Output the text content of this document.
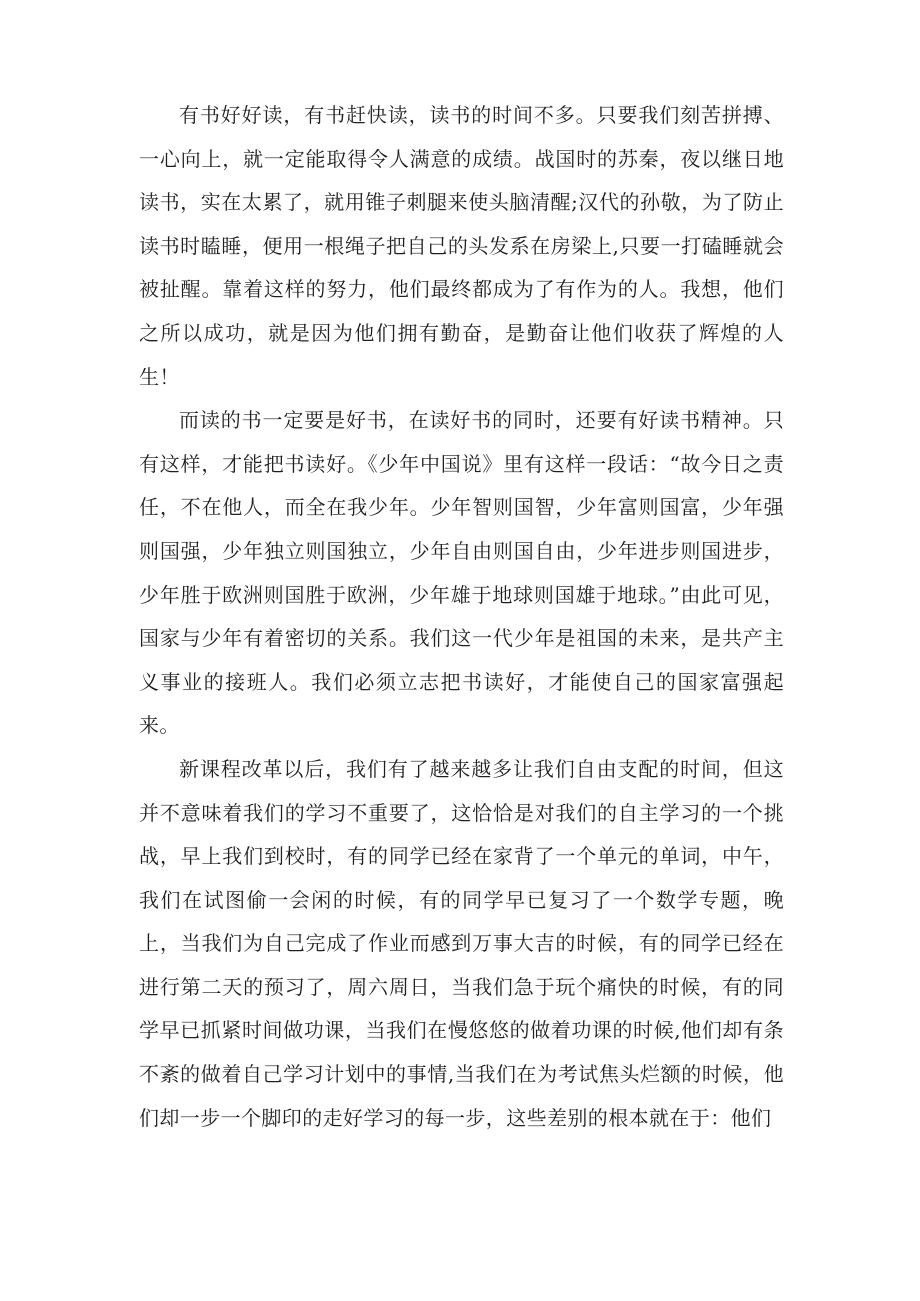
有书好好读，有书赶快读，读书的时间不多。只要我们刻苦拼搏、一心向上，就一定能取得令人满意的成绩。战国时的苏秦，夜以继日地读书，实在太累了，就用锥子刺腿来使头脑清醒;汉代的孙敬，为了防止读书时瞌睡，便用一根绳子把自己的头发系在房梁上,只要一打磕睡就会被扯醒。靠着这样的努力，他们最终都成为了有作为的人。我想，他们之所以成功，就是因为他们拥有勤奋，是勤奋让他们收获了辉煌的人生！

而读的书一定要是好书，在读好书的同时，还要有好读书精神。只有这样，才能把书读好。《少年中国说》里有这样一段话：“故今日之责任，不在他人，而全在我少年。少年智则国智，少年富则国富，少年强则国强，少年独立则国独立，少年自由则国自由，少年进步则国进步，少年胜于欧洲则国胜于欧洲，少年雄于地球则国雄于地球。”由此可见，国家与少年有着密切的关系。我们这一代少年是祖国的未来，是共产主义事业的接班人。我们必须立志把书读好，才能使自己的国家富强起来。

新课程改革以后，我们有了越来越多让我们自由支配的时间，但这并不意味着我们的学习不重要了，这恰恰是对我们的自主学习的一个挑战，早上我们到校时，有的同学已经在家背了一个单元的单词，中午，我们在试图偷一会闲的时候，有的同学早已复习了一个数学专题，晚上，当我们为自己完成了作业而感到万事大吉的时候，有的同学已经在进行第二天的预习了，周六周日，当我们急于玩个痛快的时候，有的同学早已抓紧时间做功课，当我们在慢悠悠的做着功课的时候,他们却有条不紊的做着自己学习计划中的事情,当我们在为考试焦头烂额的时候，他们却一步一个脚印的走好学习的每一步，这些差别的根本就在于：他们
